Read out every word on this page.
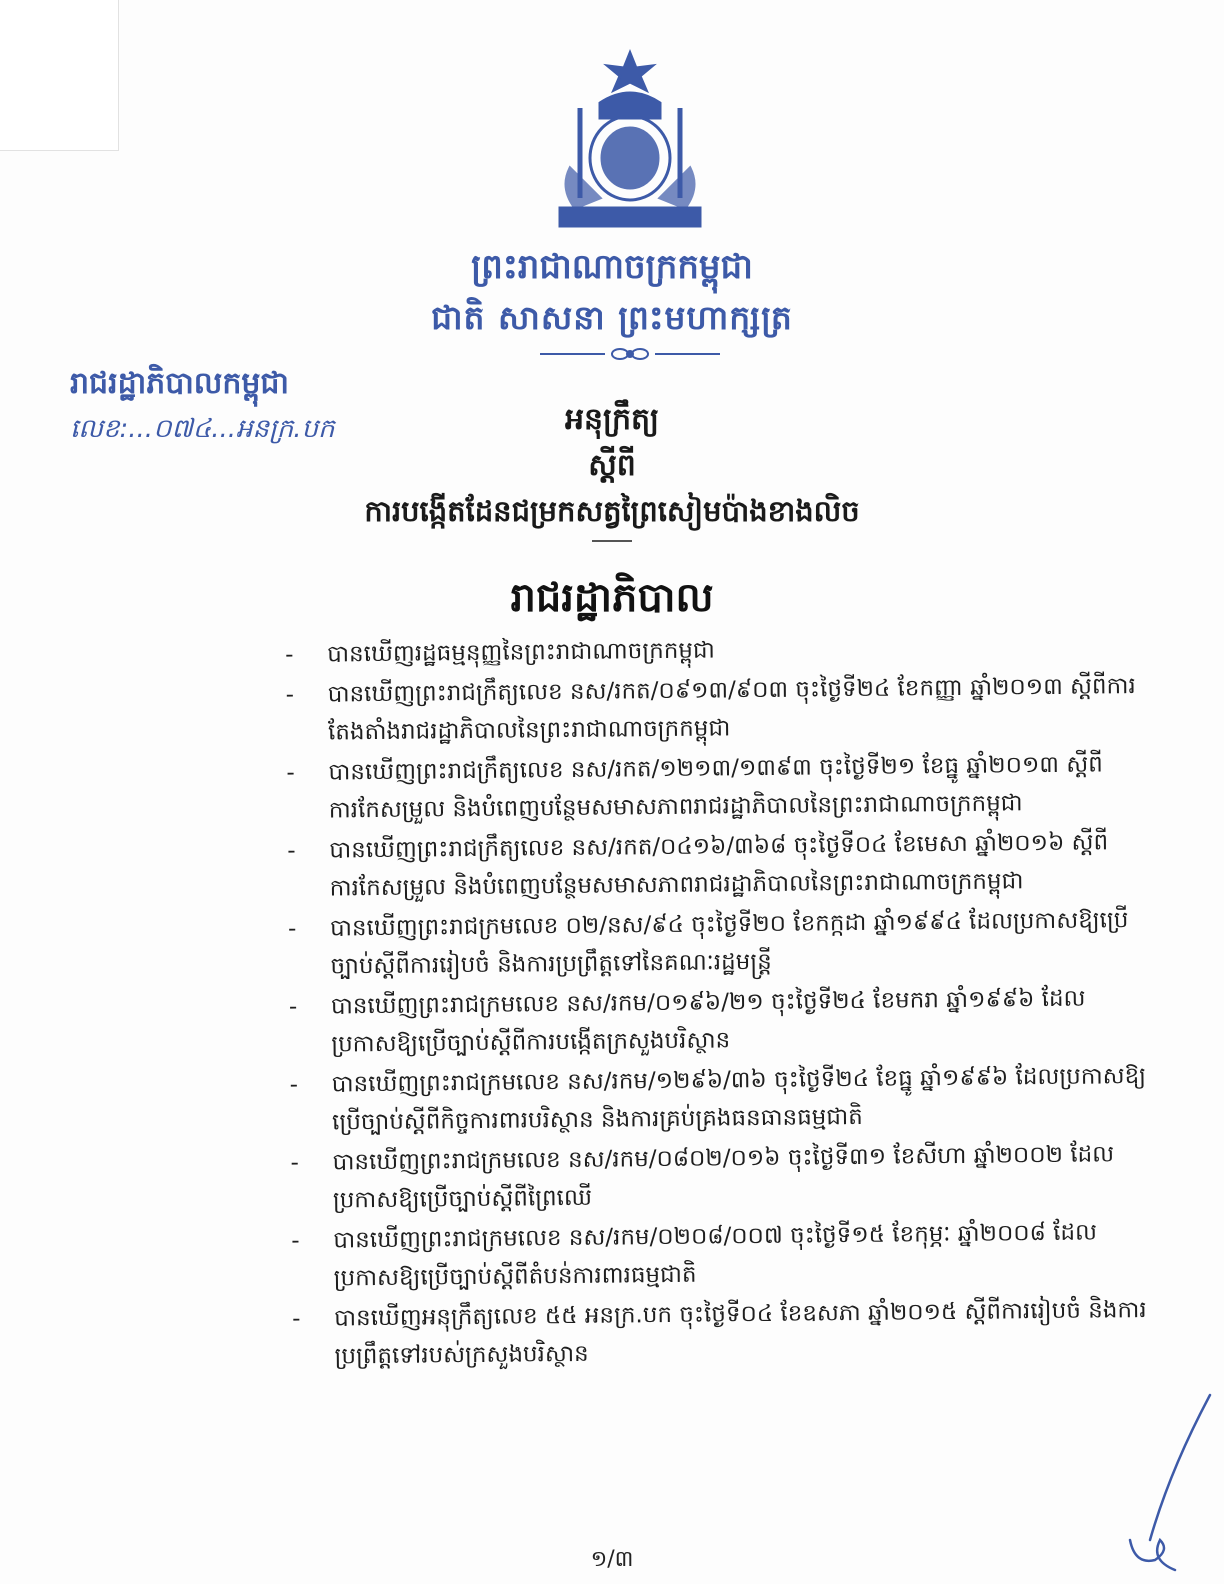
ព្រះរាជាណាចក្រកម្ពុជា
ជាតិ សាសនា ព្រះមហាក្សត្រ
រាជរដ្ឋាភិបាលកម្ពុជា
លេខ:...០៧៤...អនក្រ.បក	អនុក្រឹត្យ
ស្តីពី
ការបង្កើតដែនជម្រកសត្វព្រៃសៀមប៉ាងខាងលិច
រាជរដ្ឋាភិបាល
- បានឃើញរដ្ឋធម្មនុញ្ញនៃព្រះរាជាណាចក្រកម្ពុជា
- បានឃើញព្រះរាជក្រឹត្យលេខ នស/រកត/០៩១៣/៩០៣ ចុះថ្ងៃទី២៤ ខែកញ្ញា ឆ្នាំ២០១៣ ស្តីពីការតែងតាំងរាជរដ្ឋាភិបាលនៃព្រះរាជាណាចក្រកម្ពុជា
- បានឃើញព្រះរាជក្រឹត្យលេខ នស/រកត/១២១៣/១៣៩៣ ចុះថ្ងៃទី២១ ខែធ្នូ ឆ្នាំ២០១៣ ស្តីពីការកែសម្រួល និងបំពេញបន្ថែមសមាសភាពរាជរដ្ឋាភិបាលនៃព្រះរាជាណាចក្រកម្ពុជា
- បានឃើញព្រះរាជក្រឹត្យលេខ នស/រកត/០៤១៦/៣៦៨ ចុះថ្ងៃទី០៤ ខែមេសា ឆ្នាំ២០១៦ ស្តីពីការកែសម្រួល និងបំពេញបន្ថែមសមាសភាពរាជរដ្ឋាភិបាលនៃព្រះរាជាណាចក្រកម្ពុជា
- បានឃើញព្រះរាជក្រមលេខ ០២/នស/៩៤ ចុះថ្ងៃទី២០ ខែកក្កដា ឆ្នាំ១៩៩៤ ដែលប្រកាសឱ្យប្រើច្បាប់ស្តីពីការរៀបចំ និងការប្រព្រឹត្តទៅនៃគណៈរដ្ឋមន្ត្រី
- បានឃើញព្រះរាជក្រមលេខ នស/រកម/០១៩៦/២១ ចុះថ្ងៃទី២៤ ខែមករា ឆ្នាំ១៩៩៦ ដែលប្រកាសឱ្យប្រើច្បាប់ស្តីពីការបង្កើតក្រសួងបរិស្ថាន
- បានឃើញព្រះរាជក្រមលេខ នស/រកម/១២៩៦/៣៦ ចុះថ្ងៃទី២៤ ខែធ្នូ ឆ្នាំ១៩៩៦ ដែលប្រកាសឱ្យប្រើច្បាប់ស្តីពីកិច្ចការពារបរិស្ថាន និងការគ្រប់គ្រងធនធានធម្មជាតិ
- បានឃើញព្រះរាជក្រមលេខ នស/រកម/០៨០២/០១៦ ចុះថ្ងៃទី៣១ ខែសីហា ឆ្នាំ២០០២ ដែលប្រកាសឱ្យប្រើច្បាប់ស្តីពីព្រៃឈើ
- បានឃើញព្រះរាជក្រមលេខ នស/រកម/០២០៨/០០៧ ចុះថ្ងៃទី១៥ ខែកុម្ភៈ ឆ្នាំ២០០៨ ដែលប្រកាសឱ្យប្រើច្បាប់ស្តីពីតំបន់ការពារធម្មជាតិ
- បានឃើញអនុក្រឹត្យលេខ ៥៥ អនក្រ.បក ចុះថ្ងៃទី០៤ ខែឧសភា ឆ្នាំ២០១៥ ស្តីពីការរៀបចំ និងការប្រព្រឹត្តទៅរបស់ក្រសួងបរិស្ថាន
១/៣
